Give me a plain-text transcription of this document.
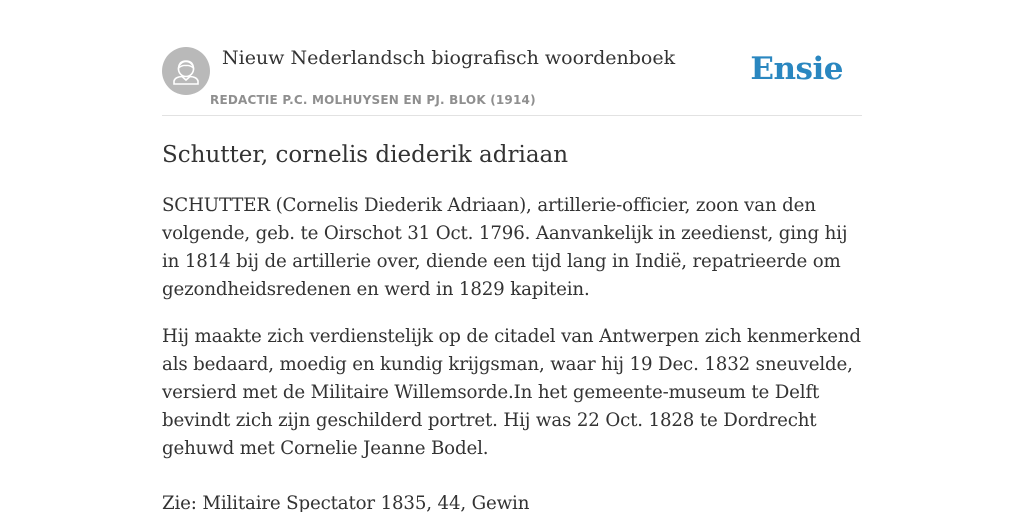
Nieuw Nederlandsch biografisch woordenboek
REDACTIE P.C. MOLHUYSEN EN PJ. BLOK (1914)
Ensie
Schutter, cornelis diederik adriaan

SCHUTTER (Cornelis Diederik Adriaan), artillerie-officier, zoon van den volgende, geb. te Oirschot 31 Oct. 1796. Aanvankelijk in zeedienst, ging hij in 1814 bij de artillerie over, diende een tijd lang in Indië, repatrieerde om gezondheidsredenen en werd in 1829 kapitein.

Hij maakte zich verdienstelijk op de citadel van Antwerpen zich kenmerkend als bedaard, moedig en kundig krijgsman, waar hij 19 Dec. 1832 sneuvelde, versierd met de Militaire Willemsorde.In het gemeente-museum te Delft bevindt zich zijn geschilderd portret. Hij was 22 Oct. 1828 te Dordrecht gehuwd met Cornelie Jeanne Bodel.

Zie: Militaire Spectator 1835, 44, Gewin
